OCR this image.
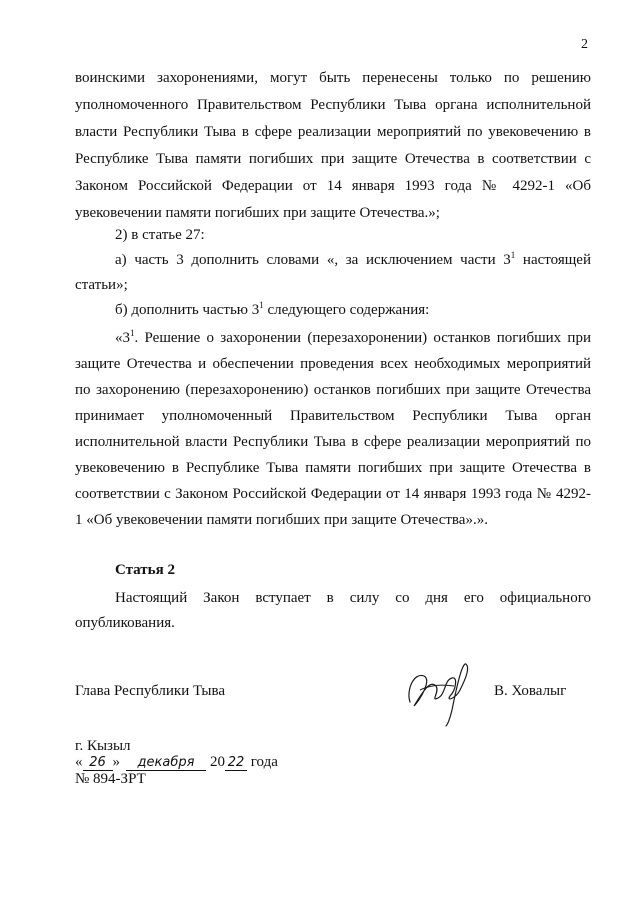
2
воинскими захоронениями, могут быть перенесены только по решению
уполномоченного Правительством Республики Тыва органа исполнительной
власти Республики Тыва в сфере реализации мероприятий по увековечению в
Республике Тыва памяти погибших при защите Отечества в соответствии с
Законом Российской Федерации от 14 января 1993 года № 4292-1 «Об
увековечении памяти погибших при защите Отечества.»;
2) в статье 27:
а) часть 3 дополнить словами «, за исключением части $3^1$ настоящей
статьи»;
б) дополнить частью $3^1$ следующего содержания:
«$3^1$. Решение о захоронении (перезахоронении) останков погибших при
защите Отечества и обеспечении проведения всех необходимых мероприятий
по захоронению (перезахоронению) останков погибших при защите Отечества
принимает уполномоченный Правительством Республики Тыва орган
исполнительной власти Республики Тыва в сфере реализации мероприятий по
увековечению в Республике Тыва памяти погибших при защите Отечества в
соответствии с Законом Российской Федерации от 14 января 1993 года № 4292-
1 «Об увековечении памяти погибших при защите Отечества».».
Статья 2
Настоящий Закон вступает в силу со дня его официального
опубликования.
Глава Республики Тыва	В. Ховалыг
г. Кызыл
« 26 » декабря 20 22 года
№ 894-ЗРТ
